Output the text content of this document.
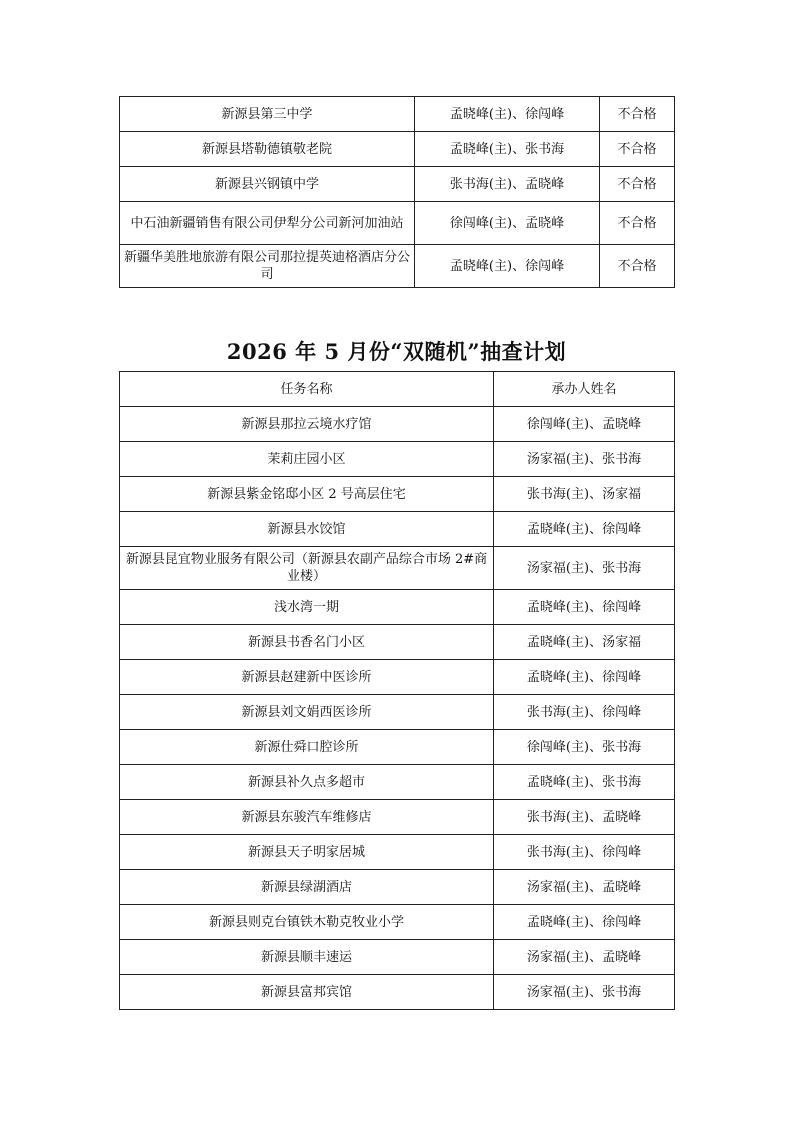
新源县第三中学	孟晓峰(主)、徐闯峰	不合格
新源县塔勒德镇敬老院	孟晓峰(主)、张书海	不合格
新源县兴钢镇中学	张书海(主)、孟晓峰	不合格
中石油新疆销售有限公司伊犁分公司新河加油站	徐闯峰(主)、孟晓峰	不合格
新疆华美胜地旅游有限公司那拉提英迪格酒店分公司	孟晓峰(主)、徐闯峰	不合格
2026 年 5 月份“双随机”抽查计划
任务名称	承办人姓名
新源县那拉云境水疗馆	徐闯峰(主)、孟晓峰
茉莉庄园小区	汤家福(主)、张书海
新源县紫金铭邸小区 2 号高层住宅	张书海(主)、汤家福
新源县水饺馆	孟晓峰(主)、徐闯峰
新源县昆宜物业服务有限公司（新源县农副产品综合市场 2#商业楼）	汤家福(主)、张书海
浅水湾一期	孟晓峰(主)、徐闯峰
新源县书香名门小区	孟晓峰(主)、汤家福
新源县赵建新中医诊所	孟晓峰(主)、徐闯峰
新源县刘文娟西医诊所	张书海(主)、徐闯峰
新源仕舜口腔诊所	徐闯峰(主)、张书海
新源县补久点多超市	孟晓峰(主)、张书海
新源县东骏汽车维修店	张书海(主)、孟晓峰
新源县天子明家居城	张书海(主)、徐闯峰
新源县绿湖酒店	汤家福(主)、孟晓峰
新源县则克台镇铁木勒克牧业小学	孟晓峰(主)、徐闯峰
新源县顺丰速运	汤家福(主)、孟晓峰
新源县富邦宾馆	汤家福(主)、张书海
